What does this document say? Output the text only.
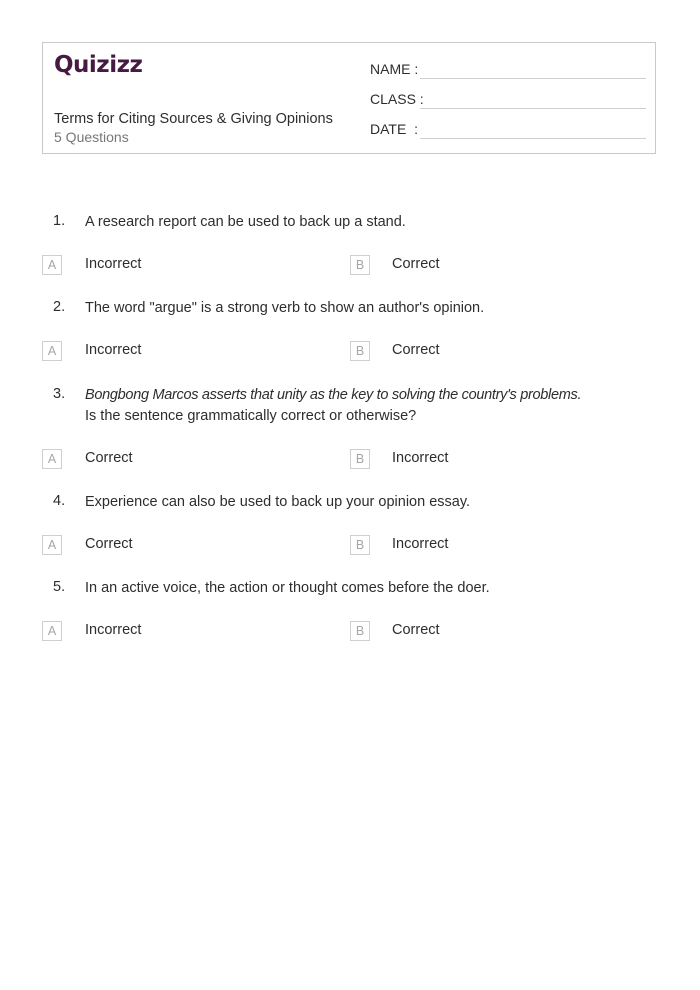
Quizizz
Terms for Citing Sources & Giving Opinions
5 Questions
NAME :
CLASS :
DATE  :
1. A research report can be used to back up a stand.
A	Incorrect	B	Correct
2. The word "argue" is a strong verb to show an author's opinion.
A	Incorrect	B	Correct
3. Bongbong Marcos asserts that unity as the key to solving the country's problems.
Is the sentence grammatically correct or otherwise?
A	Correct	B	Incorrect
4. Experience can also be used to back up your opinion essay.
A	Correct	B	Incorrect
5. In an active voice, the action or thought comes before the doer.
A	Incorrect	B	Correct
